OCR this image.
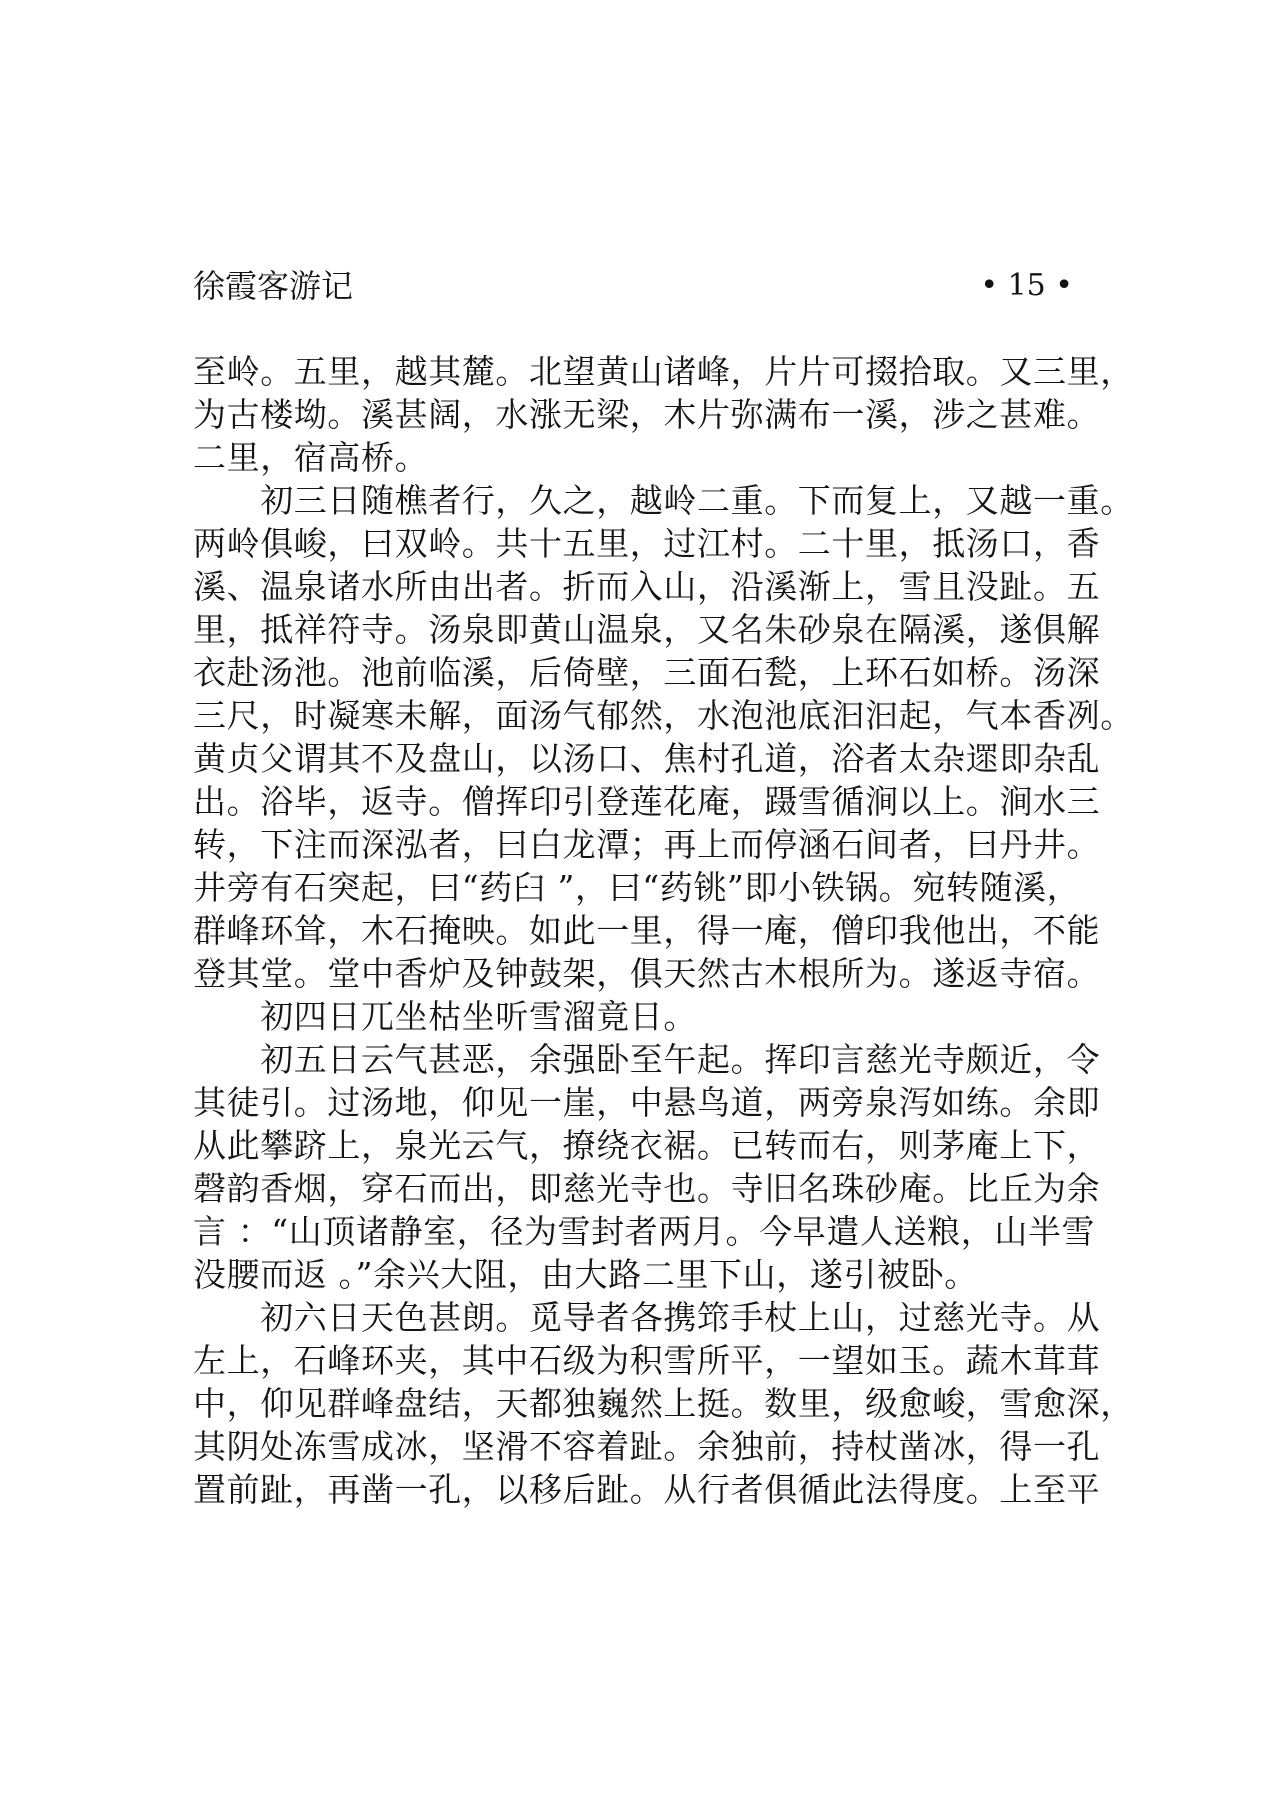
徐霞客游记	• 15 •
至岭。五里，越其麓。北望黄山诸峰，片片可掇拾取。又三里，
为古楼坳。溪甚阔，水涨无梁，木片弥满布一溪，涉之甚难。
二里，宿高桥。
　　初三日随樵者行，久之，越岭二重。下而复上，又越一重。
两岭俱峻，曰双岭。共十五里，过江村。二十里，抵汤口，香
溪、温泉诸水所由出者。折而入山，沿溪渐上，雪且没趾。五
里，抵祥符寺。汤泉即黄山温泉，又名朱砂泉在隔溪，遂俱解
衣赴汤池。池前临溪，后倚壁，三面石甃，上环石如桥。汤深
三尺，时凝寒未解，面汤气郁然，水泡池底汩汩起，气本香冽。
黄贞父谓其不及盘山，以汤口、焦村孔道，浴者太杂遝即杂乱
出。浴毕，返寺。僧挥印引登莲花庵，蹑雪循涧以上。涧水三
转，下注而深泓者，曰白龙潭；再上而停涵石间者，曰丹井。
井旁有石突起，曰“药臼 ”，曰“药铫”即小铁锅。宛转随溪，
群峰环耸，木石掩映。如此一里，得一庵，僧印我他出，不能
登其堂。堂中香炉及钟鼓架，俱天然古木根所为。遂返寺宿。
　　初四日兀坐枯坐听雪溜竟日。
　　初五日云气甚恶，余强卧至午起。挥印言慈光寺颇近，令
其徒引。过汤地，仰见一崖，中悬鸟道，两旁泉泻如练。余即
从此攀跻上，泉光云气，撩绕衣裾。已转而右，则茅庵上下，
磬韵香烟，穿石而出，即慈光寺也。寺旧名珠砂庵。比丘为余
言 ：“山顶诸静室，径为雪封者两月。今早遣人送粮，山半雪
没腰而返 。”余兴大阻，由大路二里下山，遂引被卧。
　　初六日天色甚朗。觅导者各携筇手杖上山，过慈光寺。从
左上，石峰环夹，其中石级为积雪所平，一望如玉。蔬木茸茸
中，仰见群峰盘结，天都独巍然上挺。数里，级愈峻，雪愈深，
其阴处冻雪成冰，坚滑不容着趾。余独前，持杖凿冰，得一孔
置前趾，再凿一孔，以移后趾。从行者俱循此法得度。上至平
